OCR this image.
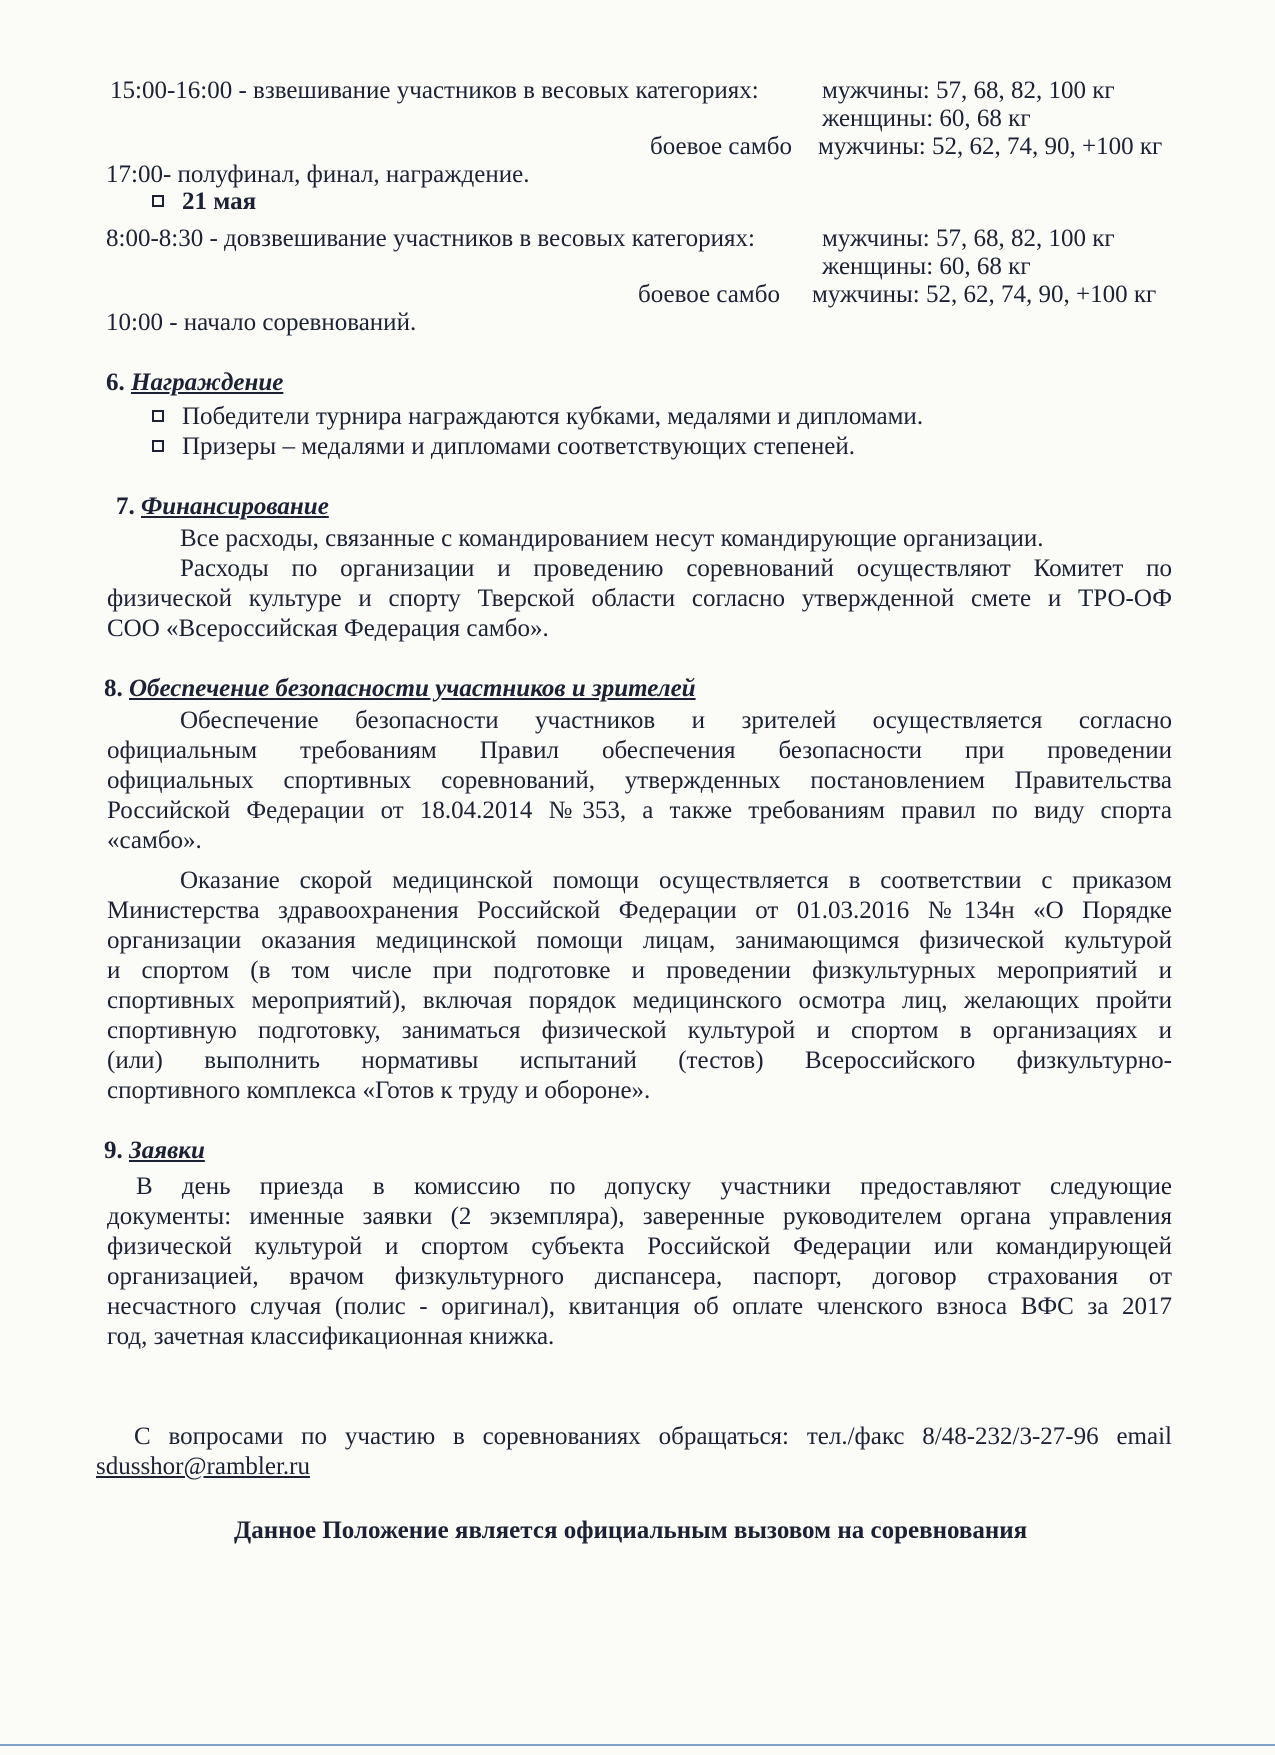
15:00-16:00 - взвешивание участников в весовых категориях:	мужчины: 57, 68, 82, 100 кг
женщины: 60, 68 кг
боевое самбо мужчины: 52, 62, 74, 90, +100 кг
17:00- полуфинал, финал, награждение.
21 мая
8:00-8:30 - довзвешивание участников в весовых категориях:	мужчины: 57, 68, 82, 100 кг
женщины: 60, 68 кг
боевое самбо мужчины: 52, 62, 74, 90, +100 кг
10:00 - начало соревнований.
6. Награждение
Победители турнира награждаются кубками, медалями и дипломами.
Призеры – медалями и дипломами соответствующих степеней.
7. Финансирование
Все расходы, связанные с командированием несут командирующие организации.
Расходы по организации и проведению соревнований осуществляют Комитет по
физической культуре и спорту Тверской области согласно утвержденной смете и ТРО-ОФ
СОО «Всероссийская Федерация самбо».
8. Обеспечение безопасности участников и зрителей
Обеспечение безопасности участников и зрителей осуществляется согласно
официальным требованиям Правил обеспечения безопасности при проведении
официальных спортивных соревнований, утвержденных постановлением Правительства
Российской Федерации от 18.04.2014 №353, а также требованиям правил по виду спорта
«самбо».
Оказание скорой медицинской помощи осуществляется в соответствии с приказом
Министерства здравоохранения Российской Федерации от 01.03.2016 №134н «О Порядке
организации оказания медицинской помощи лицам, занимающимся физической культурой
и спортом (в том числе при подготовке и проведении физкультурных мероприятий и
спортивных мероприятий), включая порядок медицинского осмотра лиц, желающих пройти
спортивную подготовку, заниматься физической культурой и спортом в организациях и
(или) выполнить нормативы испытаний (тестов) Всероссийского физкультурно-
спортивного комплекса «Готов к труду и обороне».
9. Заявки
В день приезда в комиссию по допуску участники предоставляют следующие
документы: именные заявки (2 экземпляра), заверенные руководителем органа управления
физической культурой и спортом субъекта Российской Федерации или командирующей
организацией, врачом физкультурного диспансера, паспорт, договор страхования от
несчастного случая (полис - оригинал), квитанция об оплате членского взноса ВФС за 2017
год, зачетная классификационная книжка.
С вопросами по участию в соревнованиях обращаться: тел./факс 8/48-232/3-27-96 email
sdusshor@rambler.ru
Данное Положение является официальным вызовом на соревнования
